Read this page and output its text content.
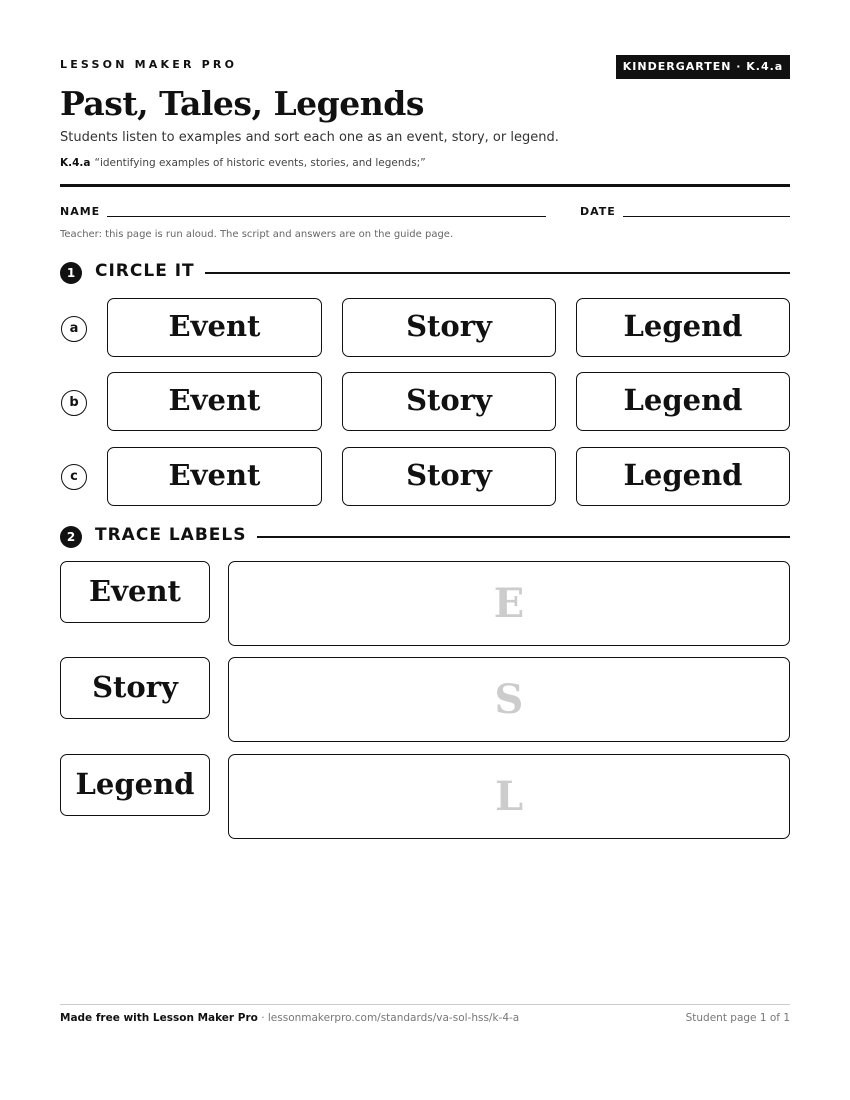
LESSON MAKER PRO	KINDERGARTEN · K.4.a
Past, Tales, Legends
Students listen to examples and sort each one as an event, story, or legend.
K.4.a “identifying examples of historic events, stories, and legends;”
NAME	DATE
Teacher: this page is run aloud. The script and answers are on the guide page.
1	CIRCLE IT
a	Event	Story	Legend
b	Event	Story	Legend
c	Event	Story	Legend
2	TRACE LABELS
Event	E
Story	S
Legend	L
Made free with Lesson Maker Pro · lessonmakerpro.com/standards/va-sol-hss/k-4-a	Student page 1 of 1
